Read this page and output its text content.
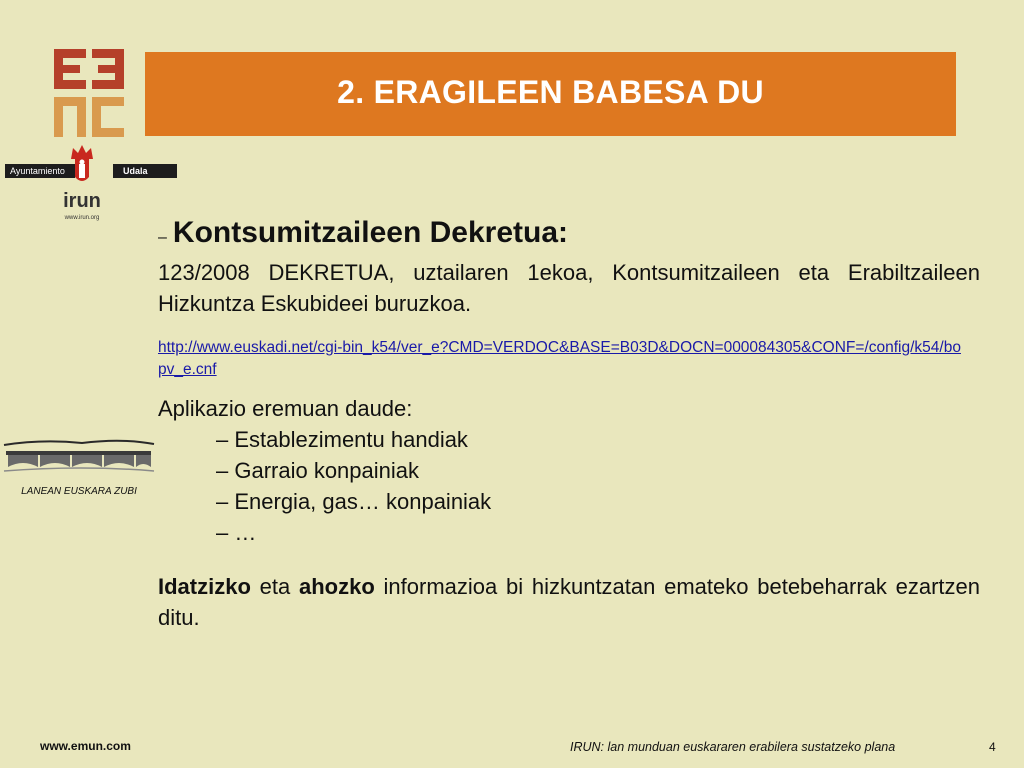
Ayuntamiento	Udala
irun
www.irun.org
2. ERAGILEEN BABESA DU
LANEAN EUSKARA ZUBI
– Kontsumitzaileen Dekretua:
123/2008 DEKRETUA, uztailaren 1ekoa, Kontsumitzaileen eta Erabiltzaileen Hizkuntza Eskubideei buruzkoa.
http://www.euskadi.net/cgi-bin_k54/ver_e?CMD=VERDOC&BASE=B03D&DOCN=000084305&CONF=/config/k54/bopv_e.cnf
Aplikazio eremuan daude:
– Establezimentu handiak
– Garraio konpainiak
– Energia, gas… konpainiak
– …
Idatzizko eta ahozko informazioa bi hizkuntzatan emateko betebeharrak ezartzen ditu.
www.emun.com	IRUN: lan munduan euskararen erabilera sustatzeko plana	4
